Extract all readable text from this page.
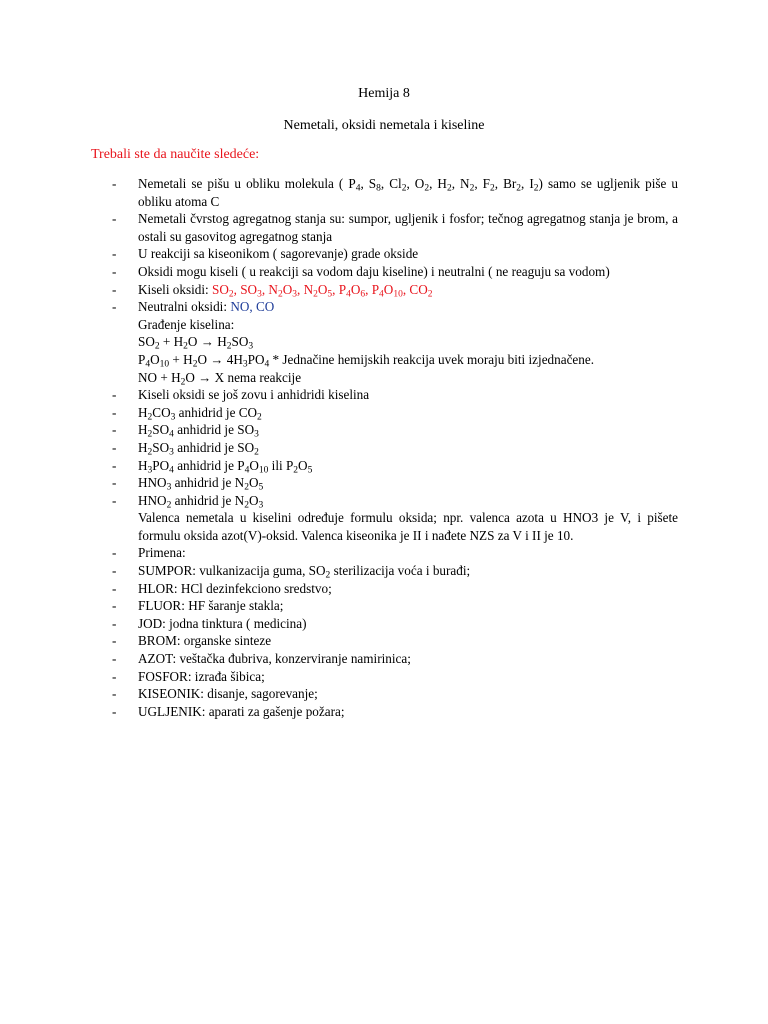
Hemija 8
Nemetali, oksidi nemetala i kiseline
Trebali ste da naučite sledeće:
- Nemetali se pišu u obliku molekula ( $P_4$, $S_8$, $Cl_2$, $O_2$, $H_2$, $N_2$, $F_2$, $Br_2$, $I_2$) samo se ugljenik piše u obliku atoma C
- Nemetali čvrstog agregatnog stanja su: sumpor, ugljenik i fosfor; tečnog agregatnog stanja je brom, a ostali su gasovitog agregatnog stanja
- U reakciji sa kiseonikom ( sagorevanje) grade okside
- Oksidi mogu kiseli ( u reakciji sa vodom daju kiseline) i neutralni ( ne reaguju sa vodom)
- Kiseli oksidi: $SO_2$, $SO_3$, $N_2O_3$, $N_2O_5$, $P_4O_6$, $P_4O_{10}$, $CO_2$
- Neutralni oksidi: NO, CO
Građenje kiselina:
$SO_2 + H_2O \to H_2SO_3$
$P_4O_{10} + H_2O \to 4H_3PO_4$ * Jednačine hemijskih reakcija uvek moraju biti izjednačene.
NO + $H_2O \to X$ nema reakcije
- Kiseli oksidi se još zovu i anhidridi kiselina
- $H_2CO_3$ anhidrid je $CO_2$
- $H_2SO_4$ anhidrid je $SO_3$
- $H_2SO_3$ anhidrid je $SO_2$
- $H_3PO_4$ anhidrid je $P_4O_{10}$ ili $P_2O_5$
- $HNO_3$ anhidrid je $N_2O_5$
- $HNO_2$ anhidrid je $N_2O_3$
Valenca nemetala u kiselini određuje formulu oksida; npr. valenca azota u HNO3 je V, i pišete formulu oksida azot(V)-oksid. Valenca kiseonika je II i nađete NZS za V i II je 10.
- Primena:
- SUMPOR: vulkanizacija guma, $SO_2$ sterilizacija voća i burađi;
- HLOR: HCl dezinfekciono sredstvo;
- FLUOR: HF šaranje stakla;
- JOD: jodna tinktura ( medicina)
- BROM: organske sinteze
- AZOT: veštačka đubriva, konzerviranje namirinica;
- FOSFOR: izrađa šibica;
- KISEONIK: disanje, sagorevanje;
- UGLJENIK: aparati za gašenje požara;
